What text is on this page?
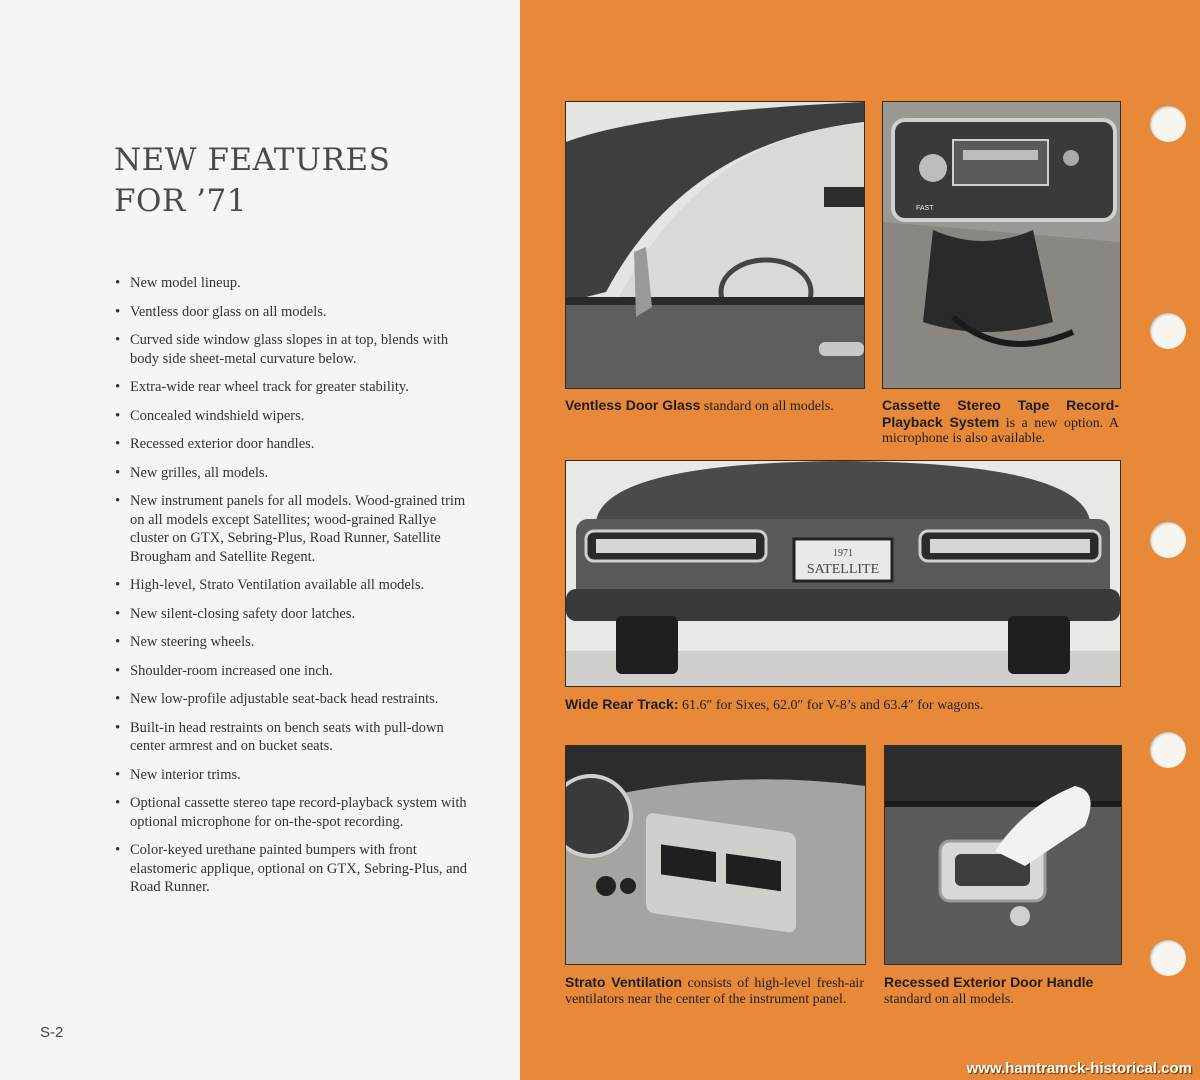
NEW FEATURES
FOR ’71
• New model lineup.
• Ventless door glass on all models.
• Curved side window glass slopes in at top, blends with body side sheet-metal curvature below.
• Extra-wide rear wheel track for greater stability.
• Concealed windshield wipers.
• Recessed exterior door handles.
• New grilles, all models.
• New instrument panels for all models. Wood-grained trim on all models except Satellites; wood-grained Rallye cluster on GTX, Sebring-Plus, Road Runner, Satellite Brougham and Satellite Regent.
• High-level, Strato Ventilation available all models.
• New silent-closing safety door latches.
• New steering wheels.
• Shoulder-room increased one inch.
• New low-profile adjustable seat-back head restraints.
• Built-in head restraints on bench seats with pull-down center armrest and on bucket seats.
• New interior trims.
• Optional cassette stereo tape record-playback system with optional microphone for on-the-spot recording.
• Color-keyed urethane painted bumpers with front elastomeric applique, optional on GTX, Sebring-Plus, and Road Runner.
S-2
Ventless Door Glass standard on all models.
FAST
Cassette Stereo Tape Record-Playback System is a new option. A microphone is also available.
1971
SATELLITE
Wide Rear Track: 61.6″ for Sixes, 62.0″ for V-8’s and 63.4″ for wagons.
Strato Ventilation consists of high-level fresh-air ventilators near the center of the instrument panel.
Recessed Exterior Door Handle standard on all models.
www.hamtramck-historical.com
